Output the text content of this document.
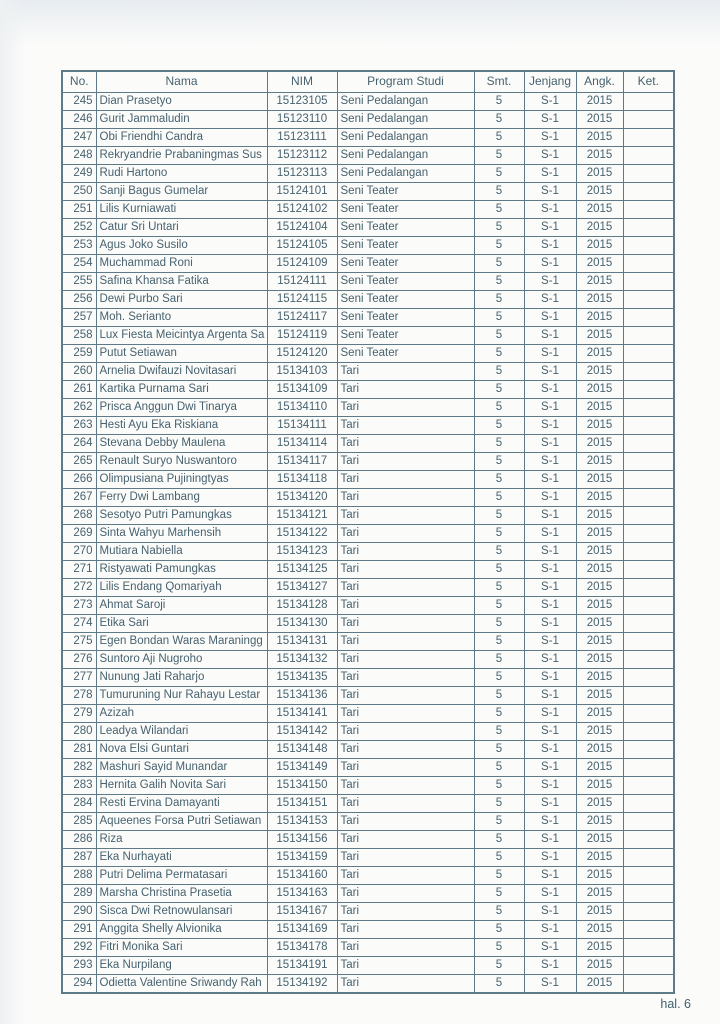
No.	Nama	NIM	Program Studi	Smt.	Jenjang	Angk.	Ket.
245	Dian Prasetyo	15123105	Seni Pedalangan	5	S-1	2015	
246	Gurit Jammaludin	15123110	Seni Pedalangan	5	S-1	2015	
247	Obi Friendhi Candra	15123111	Seni Pedalangan	5	S-1	2015	
248	Rekryandrie Prabaningmas Sus	15123112	Seni Pedalangan	5	S-1	2015	
249	Rudi Hartono	15123113	Seni Pedalangan	5	S-1	2015	
250	Sanji Bagus Gumelar	15124101	Seni Teater	5	S-1	2015	
251	Lilis Kurniawati	15124102	Seni Teater	5	S-1	2015	
252	Catur Sri Untari	15124104	Seni Teater	5	S-1	2015	
253	Agus Joko Susilo	15124105	Seni Teater	5	S-1	2015	
254	Muchammad Roni	15124109	Seni Teater	5	S-1	2015	
255	Safina Khansa Fatika	15124111	Seni Teater	5	S-1	2015	
256	Dewi Purbo Sari	15124115	Seni Teater	5	S-1	2015	
257	Moh. Serianto	15124117	Seni Teater	5	S-1	2015	
258	Lux Fiesta Meicintya Argenta Sa	15124119	Seni Teater	5	S-1	2015	
259	Putut Setiawan	15124120	Seni Teater	5	S-1	2015	
260	Arnelia Dwifauzi Novitasari	15134103	Tari	5	S-1	2015	
261	Kartika Purnama Sari	15134109	Tari	5	S-1	2015	
262	Prisca Anggun Dwi Tinarya	15134110	Tari	5	S-1	2015	
263	Hesti Ayu Eka Riskiana	15134111	Tari	5	S-1	2015	
264	Stevana Debby Maulena	15134114	Tari	5	S-1	2015	
265	Renault Suryo Nuswantoro	15134117	Tari	5	S-1	2015	
266	Olimpusiana Pujiningtyas	15134118	Tari	5	S-1	2015	
267	Ferry Dwi Lambang	15134120	Tari	5	S-1	2015	
268	Sesotyo Putri Pamungkas	15134121	Tari	5	S-1	2015	
269	Sinta Wahyu Marhensih	15134122	Tari	5	S-1	2015	
270	Mutiara Nabiella	15134123	Tari	5	S-1	2015	
271	Ristyawati Pamungkas	15134125	Tari	5	S-1	2015	
272	Lilis Endang Qomariyah	15134127	Tari	5	S-1	2015	
273	Ahmat Saroji	15134128	Tari	5	S-1	2015	
274	Etika Sari	15134130	Tari	5	S-1	2015	
275	Egen Bondan Waras Maraningg	15134131	Tari	5	S-1	2015	
276	Suntoro Aji Nugroho	15134132	Tari	5	S-1	2015	
277	Nunung Jati Raharjo	15134135	Tari	5	S-1	2015	
278	Tumuruning Nur Rahayu Lestar	15134136	Tari	5	S-1	2015	
279	Azizah	15134141	Tari	5	S-1	2015	
280	Leadya Wilandari	15134142	Tari	5	S-1	2015	
281	Nova Elsi Guntari	15134148	Tari	5	S-1	2015	
282	Mashuri Sayid Munandar	15134149	Tari	5	S-1	2015	
283	Hernita Galih Novita Sari	15134150	Tari	5	S-1	2015	
284	Resti Ervina Damayanti	15134151	Tari	5	S-1	2015	
285	Aqueenes Forsa Putri Setiawan	15134153	Tari	5	S-1	2015	
286	Riza	15134156	Tari	5	S-1	2015	
287	Eka Nurhayati	15134159	Tari	5	S-1	2015	
288	Putri Delima Permatasari	15134160	Tari	5	S-1	2015	
289	Marsha Christina Prasetia	15134163	Tari	5	S-1	2015	
290	Sisca Dwi Retnowulansari	15134167	Tari	5	S-1	2015	
291	Anggita Shelly Alvionika	15134169	Tari	5	S-1	2015	
292	Fitri Monika Sari	15134178	Tari	5	S-1	2015	
293	Eka Nurpilang	15134191	Tari	5	S-1	2015	
294	Odietta Valentine Sriwandy Rah	15134192	Tari	5	S-1	2015	
hal. 6
